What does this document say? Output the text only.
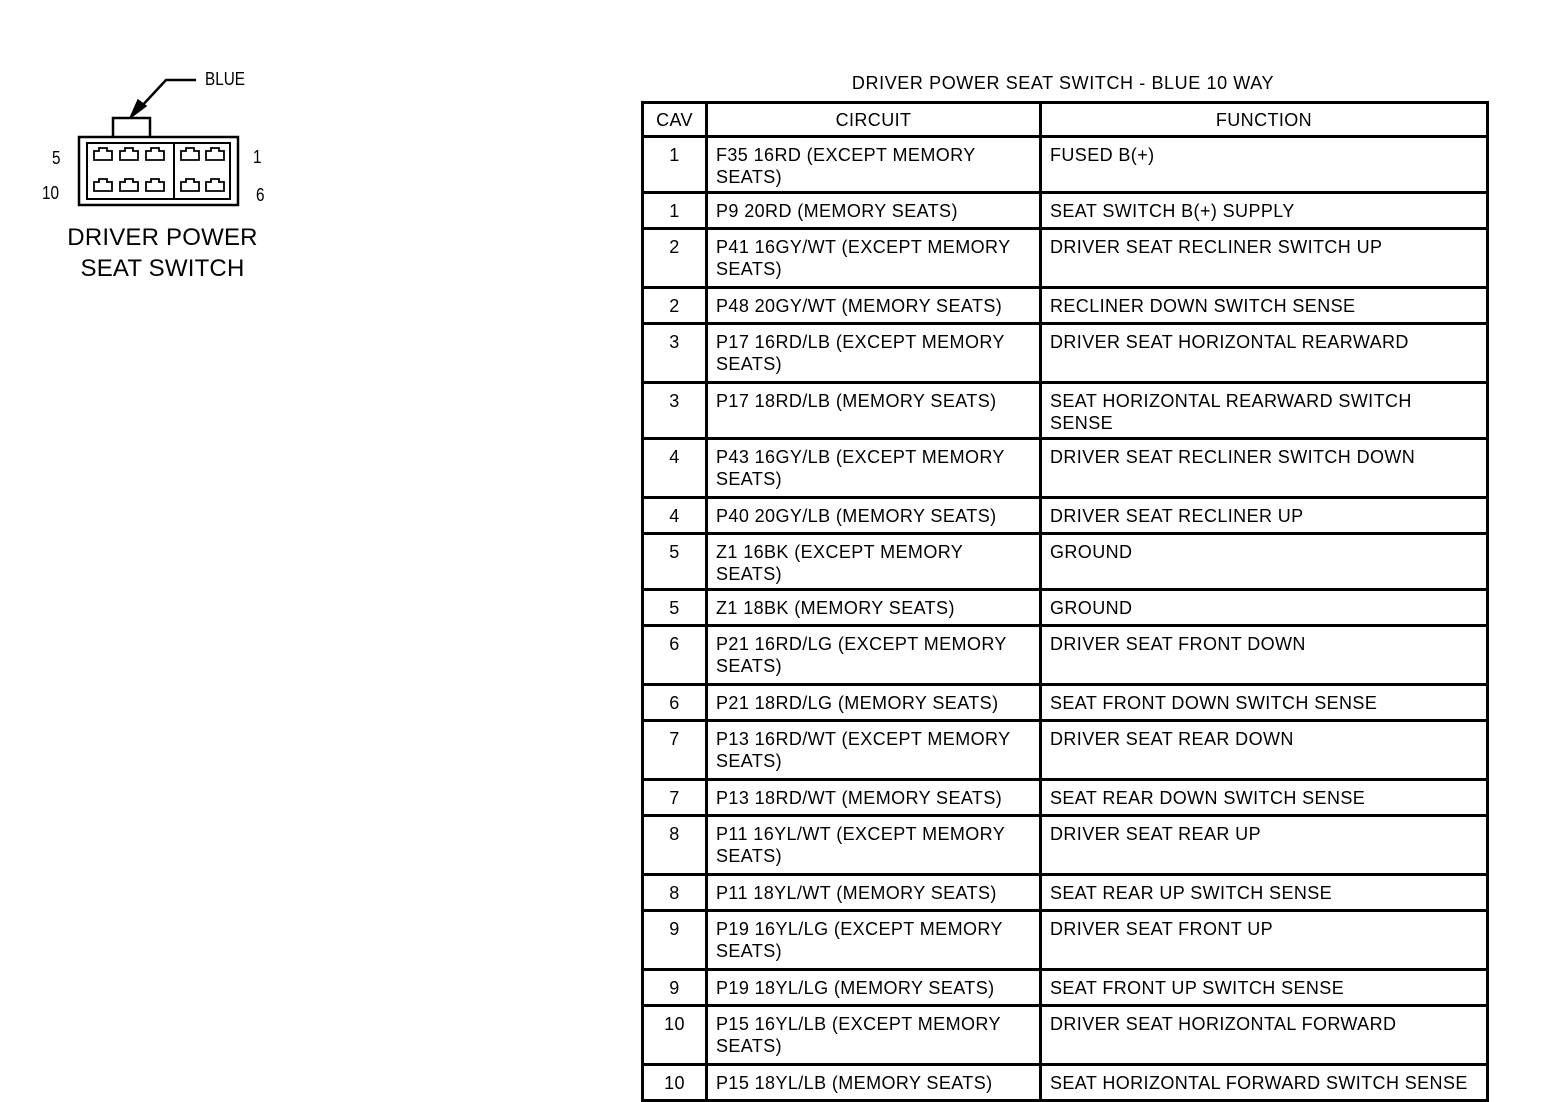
BLUE
5	1
10	6
DRIVER POWER SEAT SWITCH
DRIVER POWER SEAT SWITCH - BLUE 10 WAY
CAV	CIRCUIT	FUNCTION
1	F35 16RD (EXCEPT MEMORY SEATS)	FUSED B(+)
1	P9 20RD (MEMORY SEATS)	SEAT SWITCH B(+) SUPPLY
2	P41 16GY/WT (EXCEPT MEMORY SEATS)	DRIVER SEAT RECLINER SWITCH UP
2	P48 20GY/WT (MEMORY SEATS)	RECLINER DOWN SWITCH SENSE
3	P17 16RD/LB (EXCEPT MEMORY SEATS)	DRIVER SEAT HORIZONTAL REARWARD
3	P17 18RD/LB (MEMORY SEATS)	SEAT HORIZONTAL REARWARD SWITCH SENSE
4	P43 16GY/LB (EXCEPT MEMORY SEATS)	DRIVER SEAT RECLINER SWITCH DOWN
4	P40 20GY/LB (MEMORY SEATS)	DRIVER SEAT RECLINER UP
5	Z1 16BK (EXCEPT MEMORY SEATS)	GROUND
5	Z1 18BK (MEMORY SEATS)	GROUND
6	P21 16RD/LG (EXCEPT MEMORY SEATS)	DRIVER SEAT FRONT DOWN
6	P21 18RD/LG (MEMORY SEATS)	SEAT FRONT DOWN SWITCH SENSE
7	P13 16RD/WT (EXCEPT MEMORY SEATS)	DRIVER SEAT REAR DOWN
7	P13 18RD/WT (MEMORY SEATS)	SEAT REAR DOWN SWITCH SENSE
8	P11 16YL/WT (EXCEPT MEMORY SEATS)	DRIVER SEAT REAR UP
8	P11 18YL/WT (MEMORY SEATS)	SEAT REAR UP SWITCH SENSE
9	P19 16YL/LG (EXCEPT MEMORY SEATS)	DRIVER SEAT FRONT UP
9	P19 18YL/LG (MEMORY SEATS)	SEAT FRONT UP SWITCH SENSE
10	P15 16YL/LB (EXCEPT MEMORY SEATS)	DRIVER SEAT HORIZONTAL FORWARD
10	P15 18YL/LB (MEMORY SEATS)	SEAT HORIZONTAL FORWARD SWITCH SENSE
